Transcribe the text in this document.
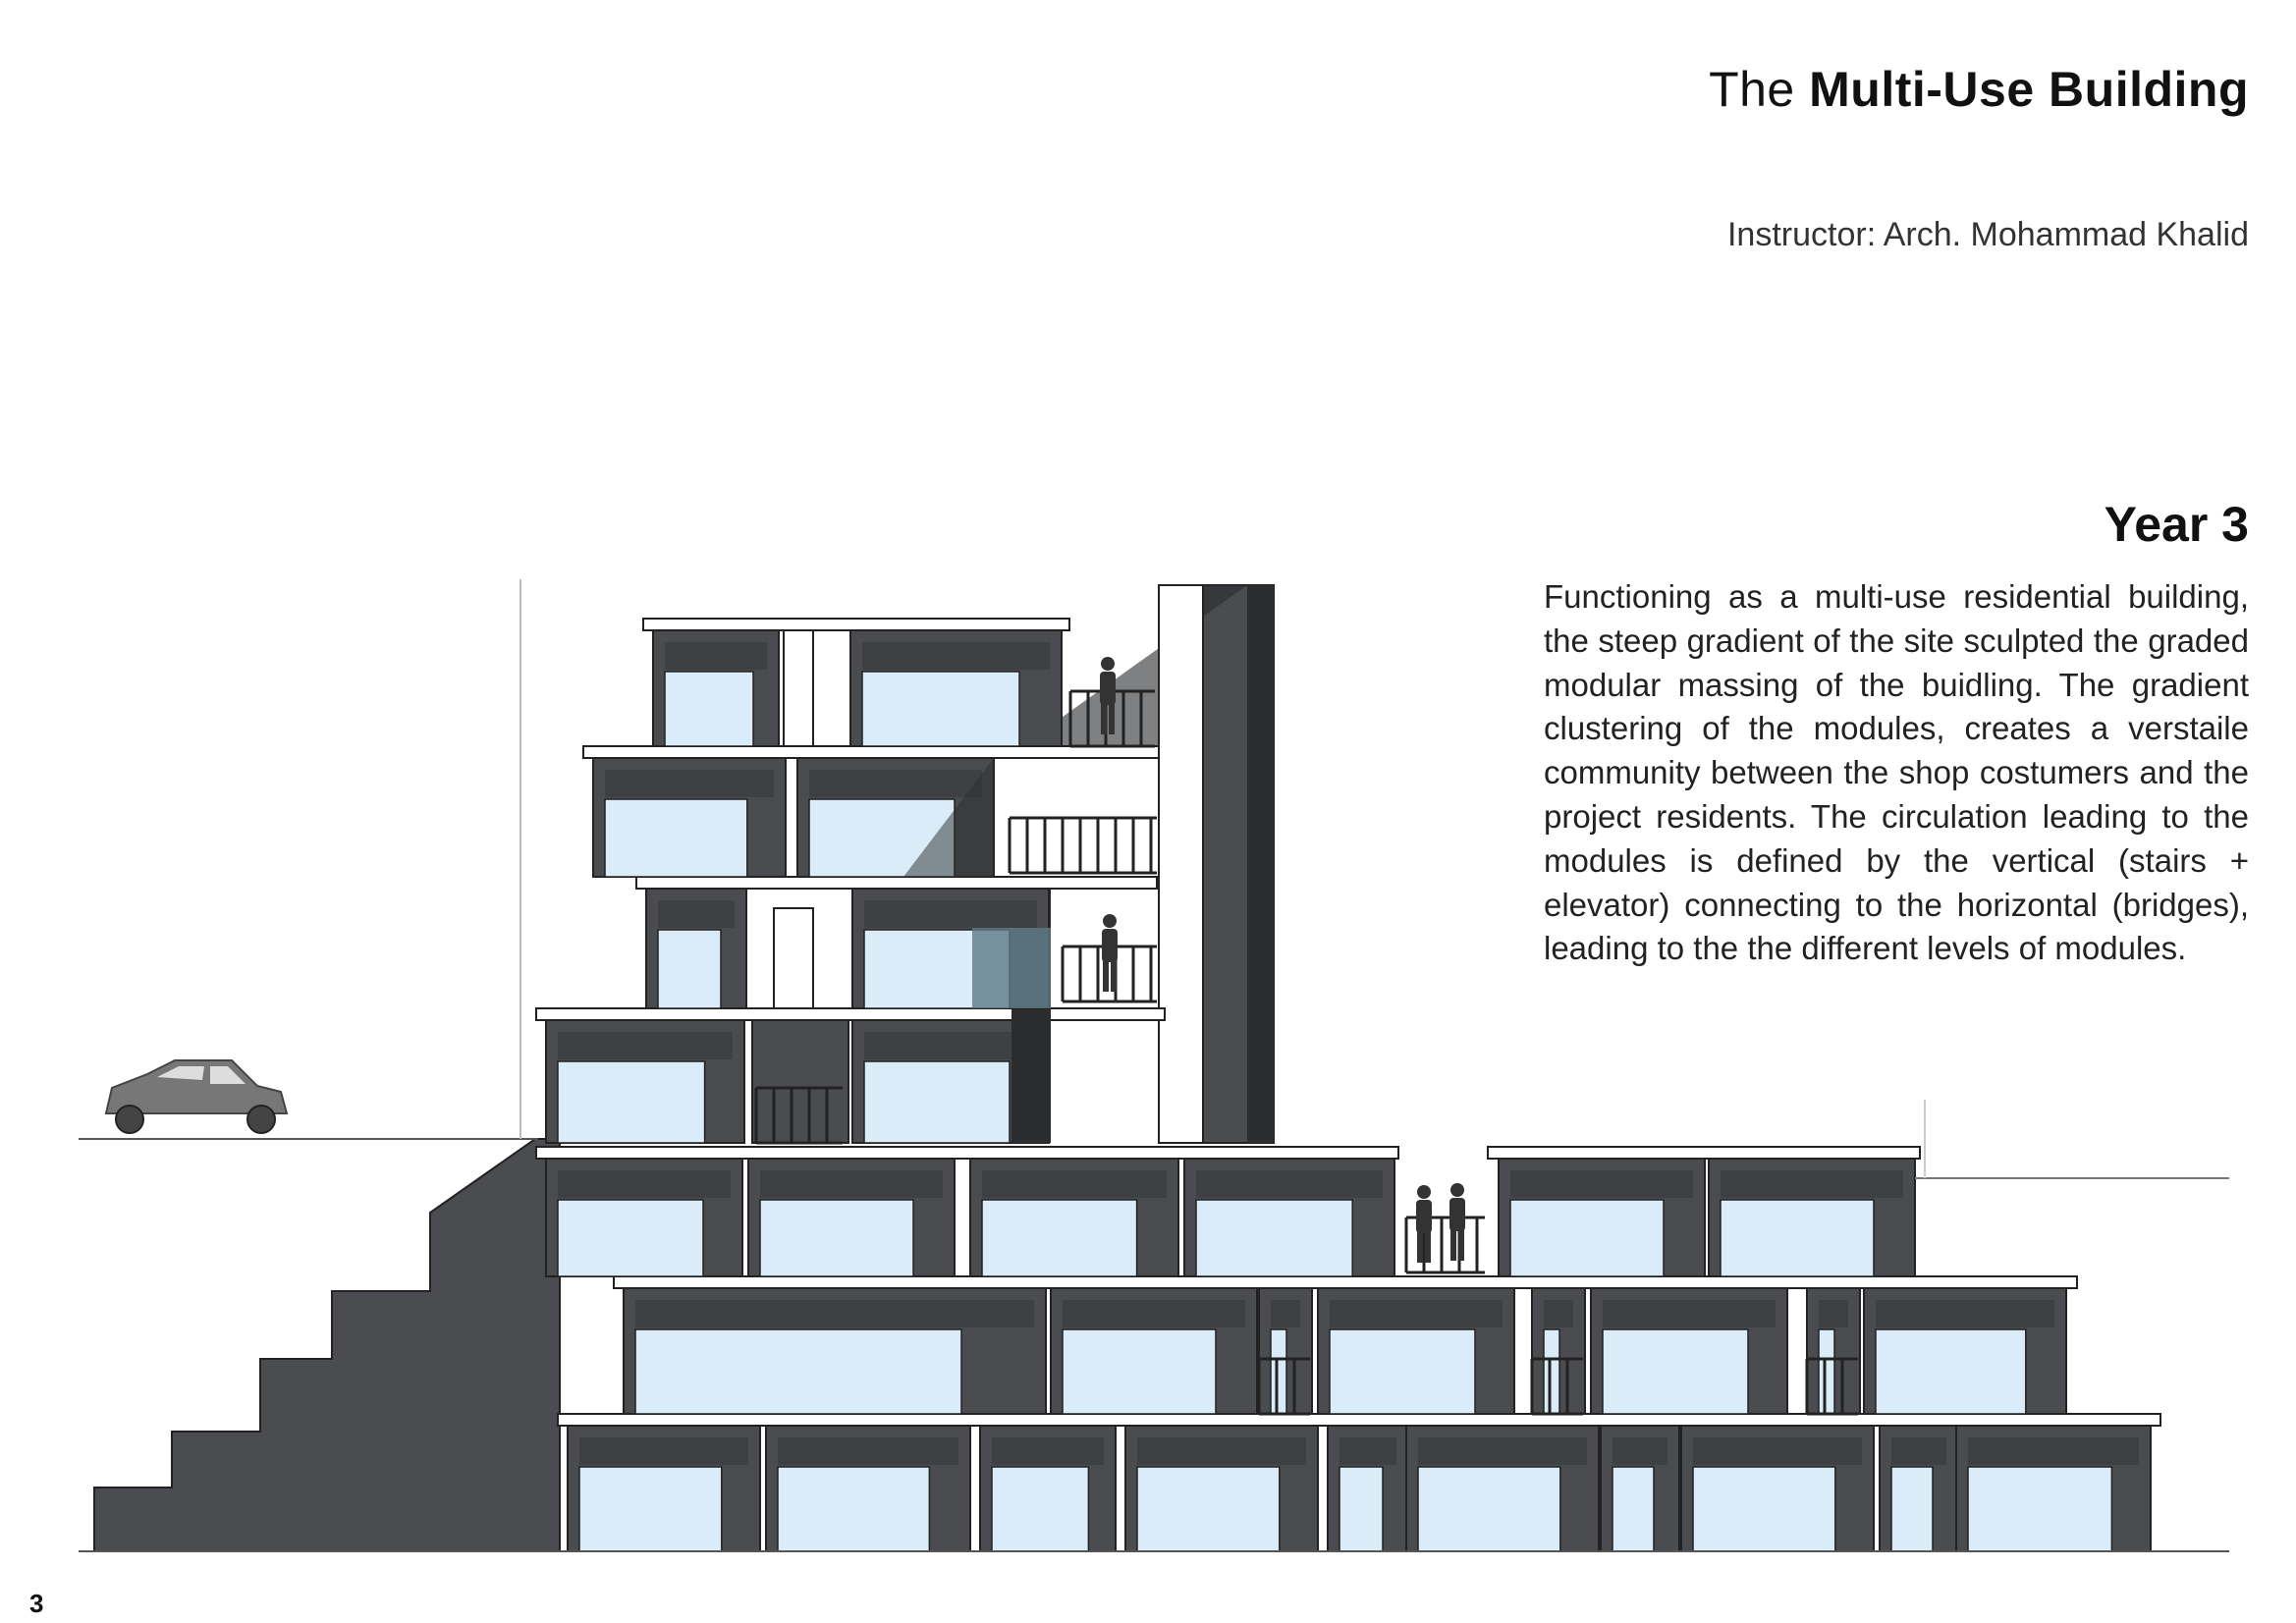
The Multi-Use Building
Instructor: Arch. Mohammad Khalid
Year 3

Functioning as a multi-use residential building, the steep gradient of the site sculpted the graded modular massing of the buidling. The gradient clustering of the modules, creates a verstaile community between the shop costumers and the project residents. The circulation leading to the modules is defined by the vertical (stairs + elevator) connecting to the horizontal (bridges), leading to the the different levels of modules.

3
